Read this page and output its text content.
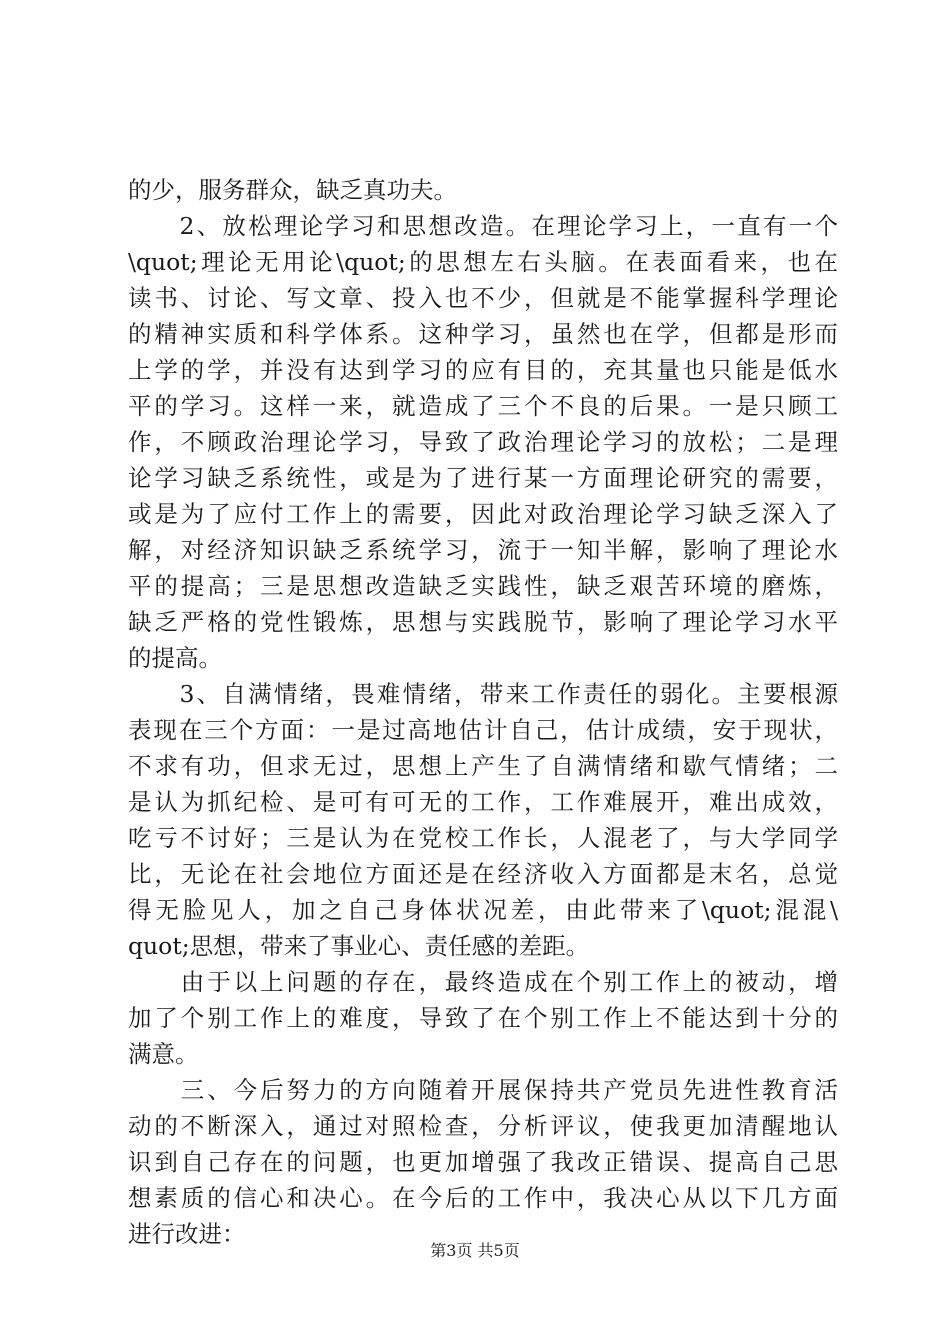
的少，服务群众，缺乏真功夫。
　　2、放松理论学习和思想改造。在理论学习上，一直有一个
\quot;理论无用论\quot;的思想左右头脑。在表面看来，也在
读书、讨论、写文章、投入也不少，但就是不能掌握科学理论
的精神实质和科学体系。这种学习，虽然也在学，但都是形而
上学的学，并没有达到学习的应有目的，充其量也只能是低水
平的学习。这样一来，就造成了三个不良的后果。一是只顾工
作，不顾政治理论学习，导致了政治理论学习的放松；二是理
论学习缺乏系统性，或是为了进行某一方面理论研究的需要，
或是为了应付工作上的需要，因此对政治理论学习缺乏深入了
解，对经济知识缺乏系统学习，流于一知半解，影响了理论水
平的提高；三是思想改造缺乏实践性，缺乏艰苦环境的磨炼，
缺乏严格的党性锻炼，思想与实践脱节，影响了理论学习水平
的提高。
　　3、自满情绪，畏难情绪，带来工作责任的弱化。主要根源
表现在三个方面：一是过高地估计自己，估计成绩，安于现状，
不求有功，但求无过，思想上产生了自满情绪和歇气情绪；二
是认为抓纪检、是可有可无的工作，工作难展开，难出成效，
吃亏不讨好；三是认为在党校工作长，人混老了，与大学同学
比，无论在社会地位方面还是在经济收入方面都是末名，总觉
得无脸见人，加之自己身体状况差，由此带来了\quot;混混\
quot;思想，带来了事业心、责任感的差距。
　　由于以上问题的存在，最终造成在个别工作上的被动，增
加了个别工作上的难度，导致了在个别工作上不能达到十分的
满意。
　　三、今后努力的方向随着开展保持共产党员先进性教育活
动的不断深入，通过对照检查，分析评议，使我更加清醒地认
识到自己存在的问题，也更加增强了我改正错误、提高自己思
想素质的信心和决心。在今后的工作中，我决心从以下几方面
进行改进：
第3页 共5页
